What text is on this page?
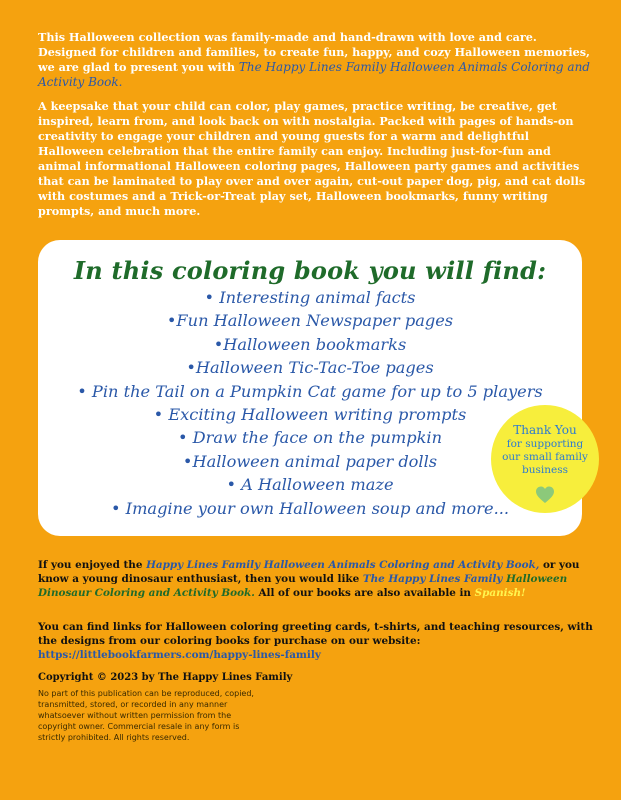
This Halloween collection was family-made and hand-drawn with love and care. Designed for children and families, to create fun, happy, and cozy Halloween memories, we are glad to present you with The Happy Lines Family Halloween Animals Coloring and Activity Book.

A keepsake that your child can color, play games, practice writing, be creative, get inspired, learn from, and look back on with nostalgia. Packed with pages of hands-on creativity to engage your children and young guests for a warm and delightful Halloween celebration that the entire family can enjoy. Including just-for-fun and animal informational Halloween coloring pages, Halloween party games and activities that can be laminated to play over and over again, cut-out paper dog, pig, and cat dolls with costumes and a Trick-or-Treat play set, Halloween bookmarks, funny writing prompts, and much more.

In this coloring book you will find:
• Interesting animal facts
•Fun Halloween Newspaper pages
•Halloween bookmarks
•Halloween Tic-Tac-Toe pages
• Pin the Tail on a Pumpkin Cat game for up to 5 players
• Exciting Halloween writing prompts
• Draw the face on the pumpkin
•Halloween animal paper dolls
• A Halloween maze
• Imagine your own Halloween soup and more...
Thank You
for supporting our small family business
If you enjoyed the Happy Lines Family Halloween Animals Coloring and Activity Book, or you know a young dinosaur enthusiast, then you would like The Happy Lines Family Halloween Dinosaur Coloring and Activity Book. All of our books are also available in Spanish!
You can find links for Halloween coloring greeting cards, t-shirts, and teaching resources, with the designs from our coloring books for purchase on our website:
https://littlebookfarmers.com/happy-lines-family
Copyright © 2023 by The Happy Lines Family
No part of this publication can be reproduced, copied, transmitted, stored, or recorded in any manner whatsoever without written permission from the copyright owner. Commercial resale in any form is strictly prohibited. All rights reserved.
